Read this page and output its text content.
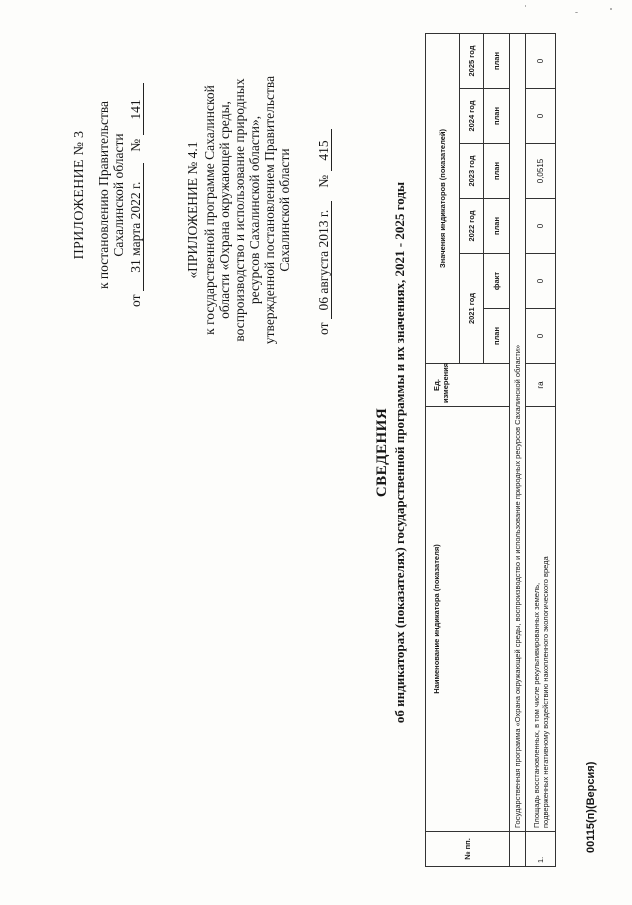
ПРИЛОЖЕНИЕ № 3 к постановлению Правительства Сахалинской области
от 31 марта 2022 г. № 141
«ПРИЛОЖЕНИЕ № 4.1 к государственной программе Сахалинской области «Охрана окружающей среды, воспроизводство и использование природных ресурсов Сахалинской области», утвержденной постановлением Правительства Сахалинской области
от 06 августа 2013 г. № 415
СВЕДЕНИЯ об индикаторах (показателях) государственной программы и их значениях, 2021 - 2025 годы
№ пп.	Наименование индикатора (показателя)	Ед. измерения	Значения индикаторов (показателей)					
			2021 год		2022 год	2023 год	2024 год	2025 год
			план	факт	план	план	план	план
	Государственная программа «Охрана окружающей среды, воспроизводство и использование природных ресурсов Сахалинской области»							
1.	Площадь восстановленных, в том числе рекультивированных земель, подверженных негативному воздействию накопленного экологического вреда	га	0	0	0	0,0515	0	0
00115(п)(Версия)
